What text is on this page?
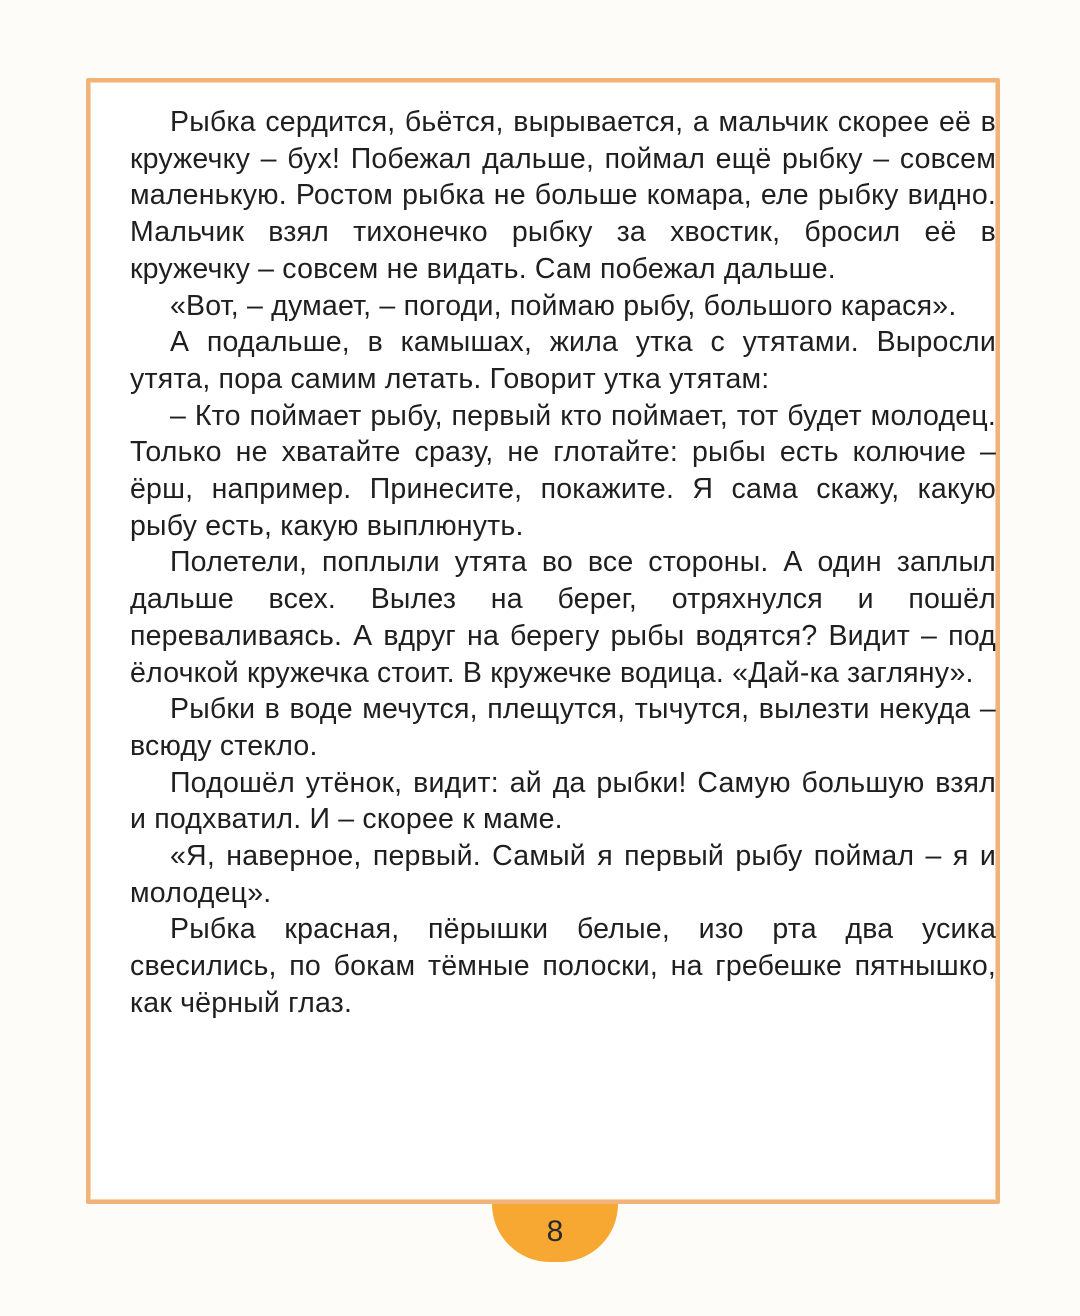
Рыбка сердится, бьётся, вырывается, а мальчик скорее её в кружечку – бух! Побежал дальше, поймал ещё рыбку – совсем маленькую. Ростом рыбка не больше комара, еле рыбку видно. Мальчик взял тихонечко рыбку за хвостик, бросил её в кружечку – совсем не видать. Сам побежал дальше.

«Вот, – думает, – погоди, поймаю рыбу, большого карася».

А подальше, в камышах, жила утка с утятами. Выросли утята, пора самим летать. Говорит утка утятам:

– Кто поймает рыбу, первый кто поймает, тот будет молодец. Только не хватайте сразу, не глотайте: рыбы есть колючие – ёрш, например. Принесите, покажите. Я сама скажу, какую рыбу есть, какую выплюнуть.

Полетели, поплыли утята во все стороны. А один заплыл дальше всех. Вылез на берег, отряхнулся и пошёл переваливаясь. А вдруг на берегу рыбы водятся? Видит – под ёлочкой кружечка стоит. В кружечке водица. «Дай-ка загляну».

Рыбки в воде мечутся, плещутся, тычутся, вылезти некуда – всюду стекло.

Подошёл утёнок, видит: ай да рыбки! Самую большую взял и подхватил. И – скорее к маме.

«Я, наверное, первый. Самый я первый рыбу поймал – я и молодец».

Рыбка красная, пёрышки белые, изо рта два усика свесились, по бокам тёмные полоски, на гребешке пятнышко, как чёрный глаз.

8
